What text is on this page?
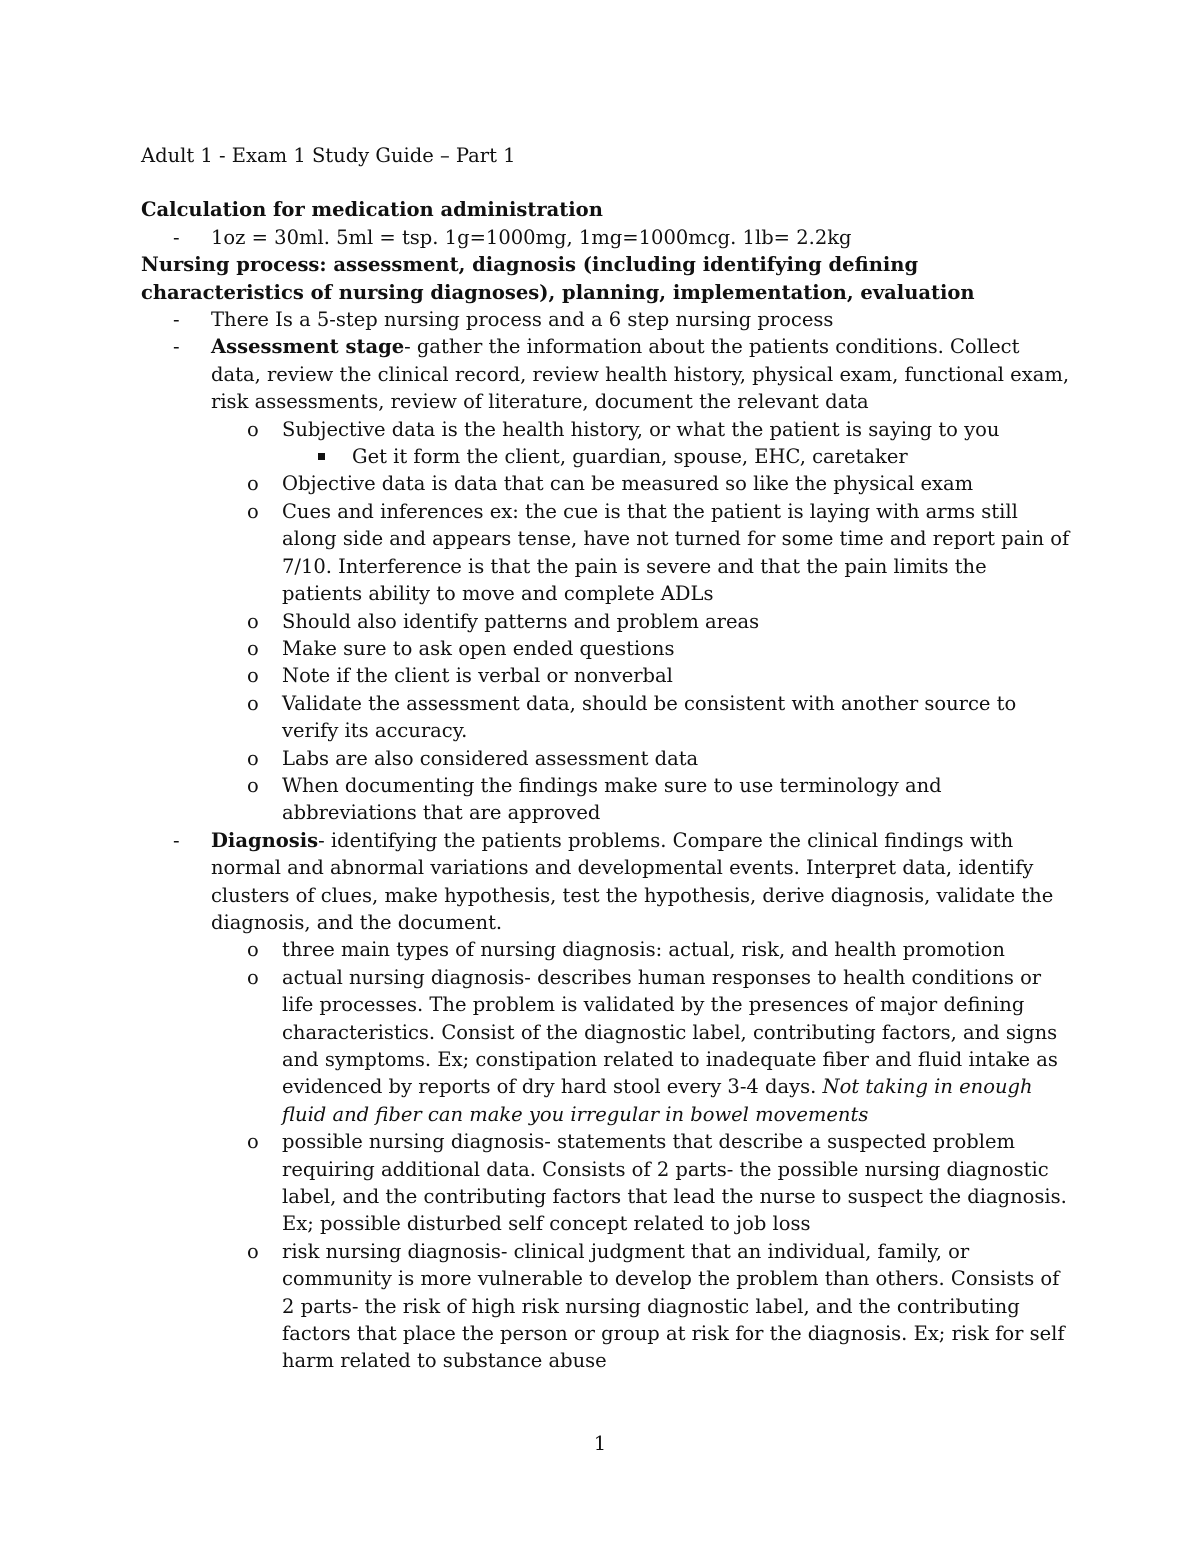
Adult 1 - Exam 1 Study Guide – Part 1
Calculation for medication administration
- 1oz = 30ml. 5ml = tsp. 1g=1000mg, 1mg=1000mcg. 1lb= 2.2kg
Nursing process: assessment, diagnosis (including identifying defining characteristics of nursing diagnoses), planning, implementation, evaluation
- There Is a 5-step nursing process and a 6 step nursing process
- Assessment stage- gather the information about the patients conditions. Collect data, review the clinical record, review health history, physical exam, functional exam, risk assessments, review of literature, document the relevant data
o Subjective data is the health history, or what the patient is saying to you
Get it form the client, guardian, spouse, EHC, caretaker
o Objective data is data that can be measured so like the physical exam
o Cues and inferences ex: the cue is that the patient is laying with arms still along side and appears tense, have not turned for some time and report pain of 7/10. Interference is that the pain is severe and that the pain limits the patients ability to move and complete ADLs
o Should also identify patterns and problem areas
o Make sure to ask open ended questions
o Note if the client is verbal or nonverbal
o Validate the assessment data, should be consistent with another source to verify its accuracy.
o Labs are also considered assessment data
o When documenting the findings make sure to use terminology and abbreviations that are approved
- Diagnosis- identifying the patients problems. Compare the clinical findings with normal and abnormal variations and developmental events. Interpret data, identify clusters of clues, make hypothesis, test the hypothesis, derive diagnosis, validate the diagnosis, and the document.
o three main types of nursing diagnosis: actual, risk, and health promotion
o actual nursing diagnosis- describes human responses to health conditions or life processes. The problem is validated by the presences of major defining characteristics. Consist of the diagnostic label, contributing factors, and signs and symptoms. Ex; constipation related to inadequate fiber and fluid intake as evidenced by reports of dry hard stool every 3-4 days. Not taking in enough fluid and fiber can make you irregular in bowel movements
o possible nursing diagnosis- statements that describe a suspected problem requiring additional data. Consists of 2 parts- the possible nursing diagnostic label, and the contributing factors that lead the nurse to suspect the diagnosis. Ex; possible disturbed self concept related to job loss
o risk nursing diagnosis- clinical judgment that an individual, family, or community is more vulnerable to develop the problem than others. Consists of 2 parts- the risk of high risk nursing diagnostic label, and the contributing factors that place the person or group at risk for the diagnosis. Ex; risk for self harm related to substance abuse
1
